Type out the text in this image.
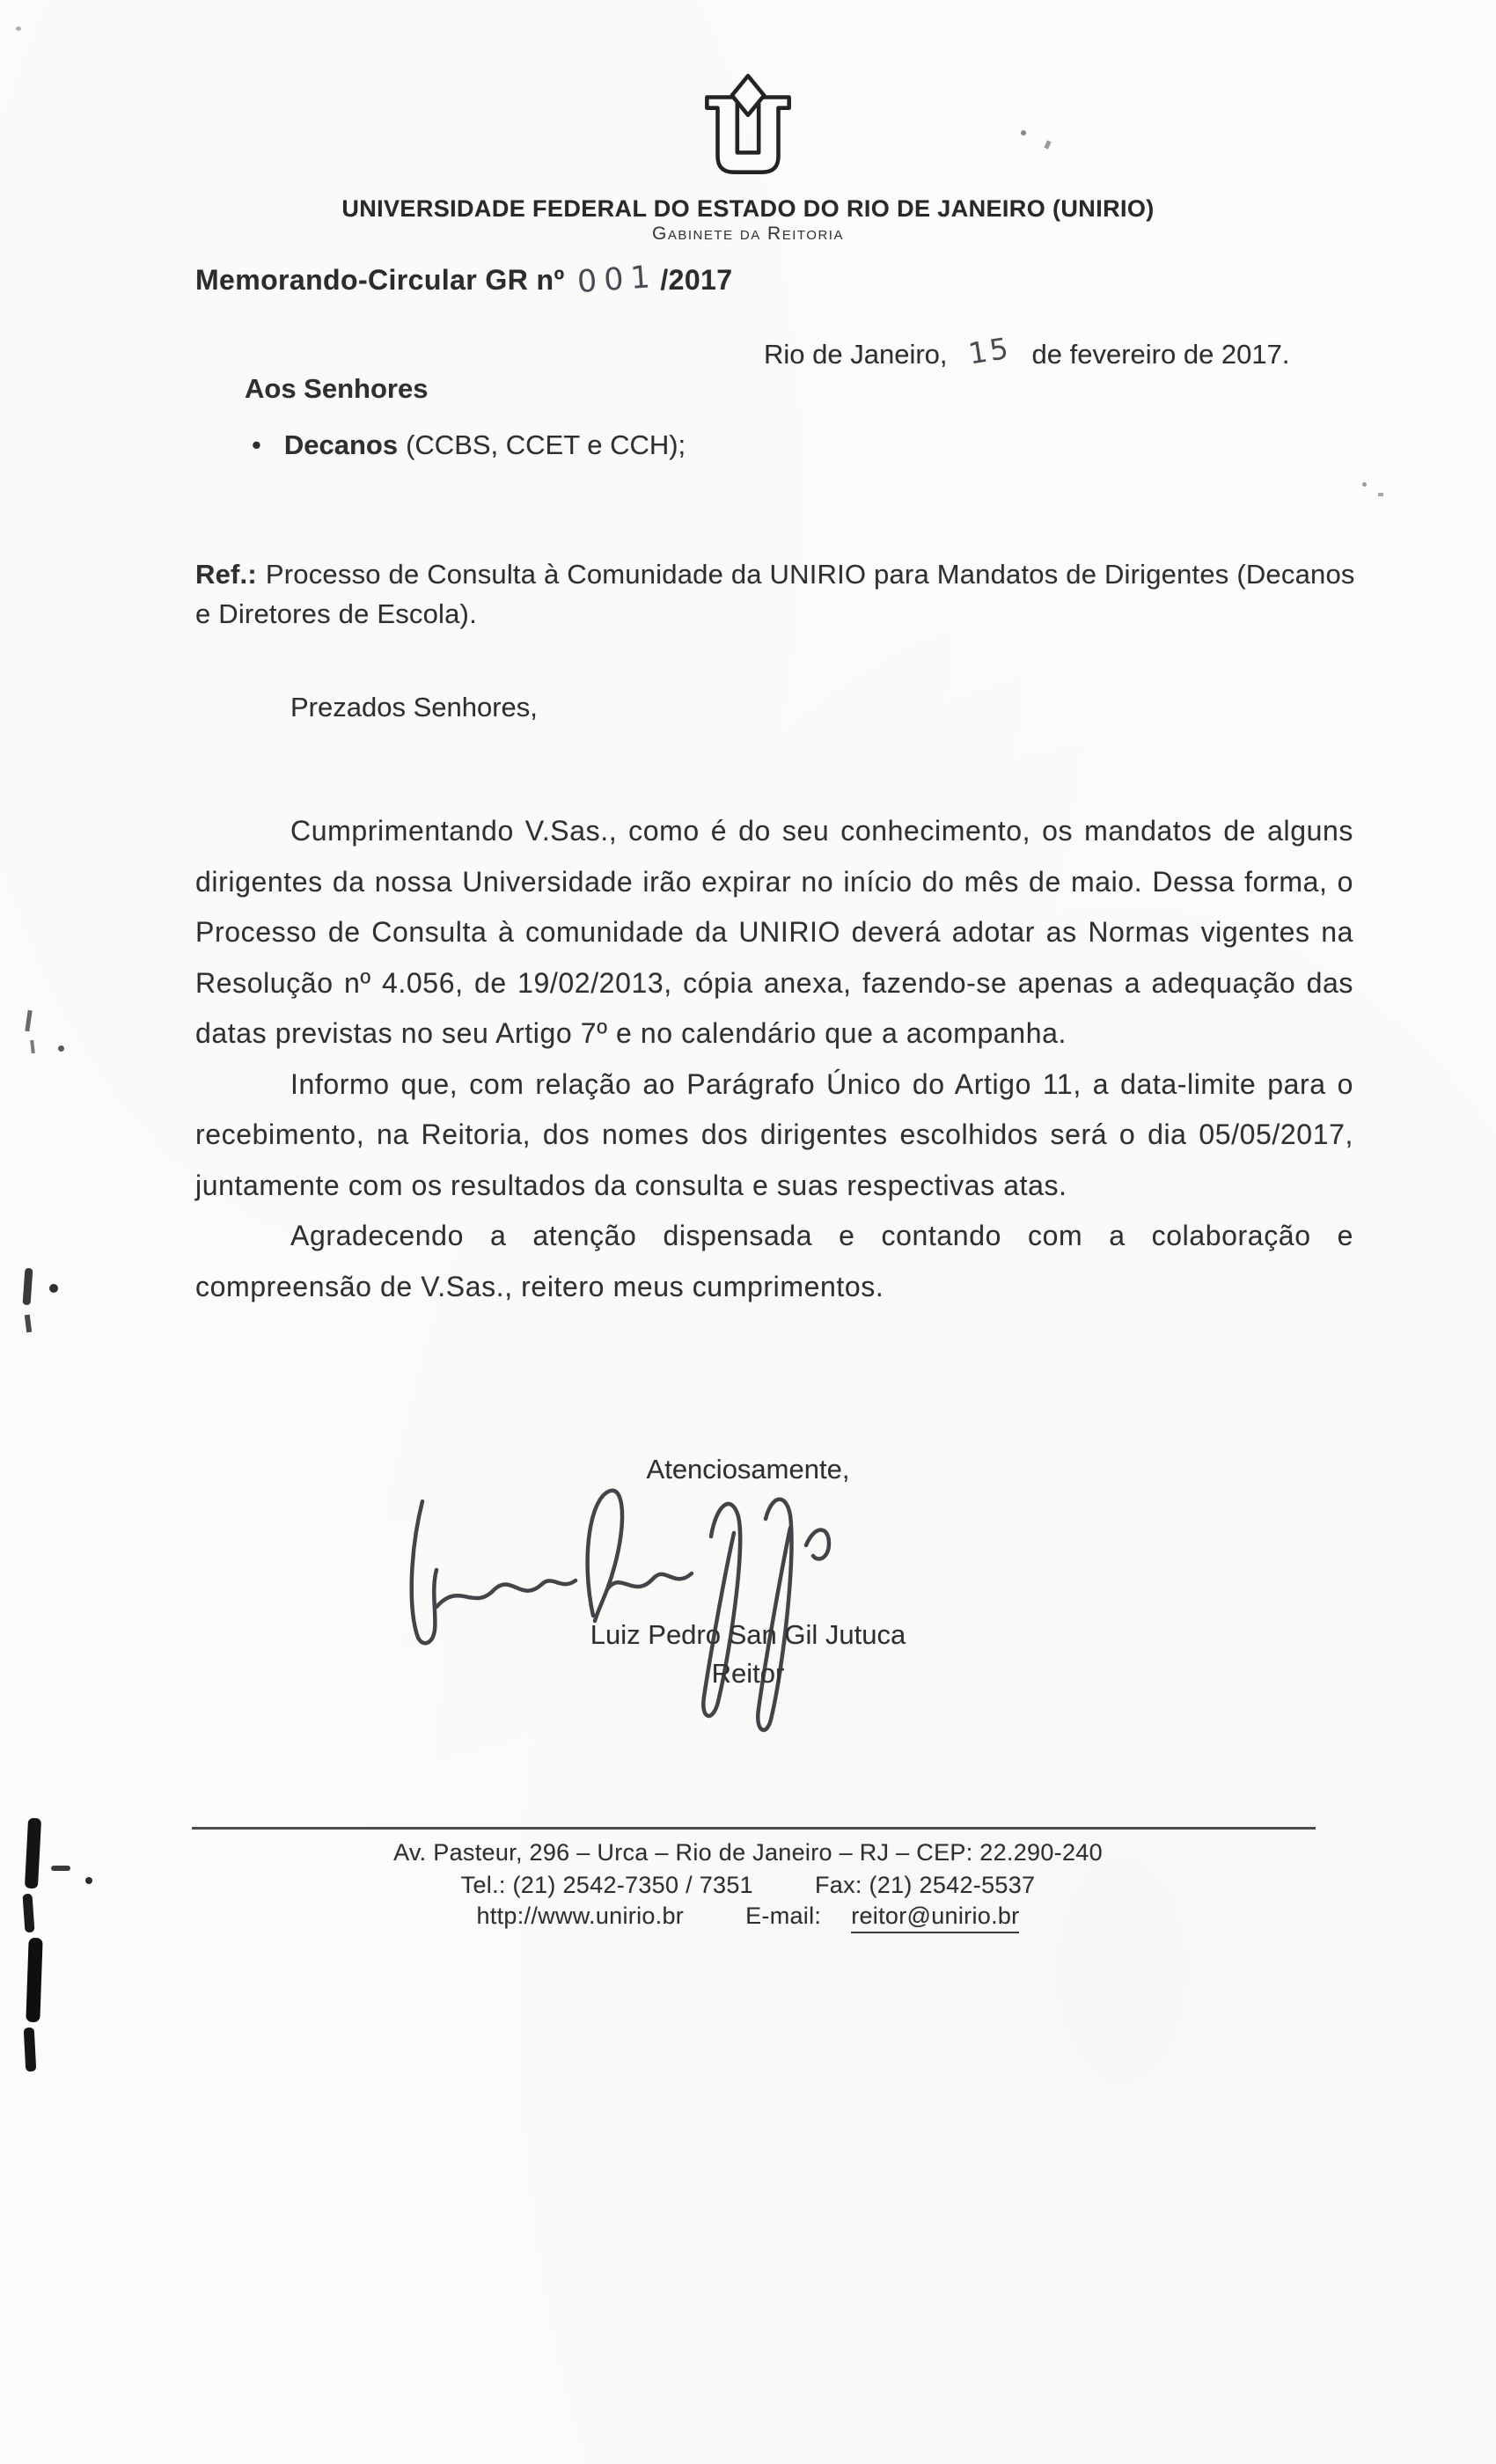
UNIVERSIDADE FEDERAL DO ESTADO DO RIO DE JANEIRO (UNIRIO)
Gabinete da Reitoria
Memorando-Circular GR nº 001/2017
Rio de Janeiro, 15 de fevereiro de 2017.
Aos Senhores
• Decanos (CCBS, CCET e CCH);

Ref.: Processo de Consulta à Comunidade da UNIRIO para Mandatos de Dirigentes (Decanos e Diretores de Escola).

Prezados Senhores,

Cumprimentando V.Sas., como é do seu conhecimento, os mandatos de alguns dirigentes da nossa Universidade irão expirar no início do mês de maio. Dessa forma, o Processo de Consulta à comunidade da UNIRIO deverá adotar as Normas vigentes na Resolução nº 4.056, de 19/02/2013, cópia anexa, fazendo-se apenas a adequação das datas previstas no seu Artigo 7º e no calendário que a acompanha.

Informo que, com relação ao Parágrafo Único do Artigo 11, a data-limite para o recebimento, na Reitoria, dos nomes dos dirigentes escolhidos será o dia 05/05/2017, juntamente com os resultados da consulta e suas respectivas atas.

Agradecendo a atenção dispensada e contando com a colaboração e compreensão de V.Sas., reitero meus cumprimentos.

Atenciosamente,
Luiz Pedro San Gil Jutuca
Reitor
Av. Pasteur, 296 – Urca – Rio de Janeiro – RJ – CEP: 22.290-240
Tel.: (21) 2542-7350 / 7351	Fax: (21) 2542-5537
http://www.unirio.br	E-mail: reitor@unirio.br
